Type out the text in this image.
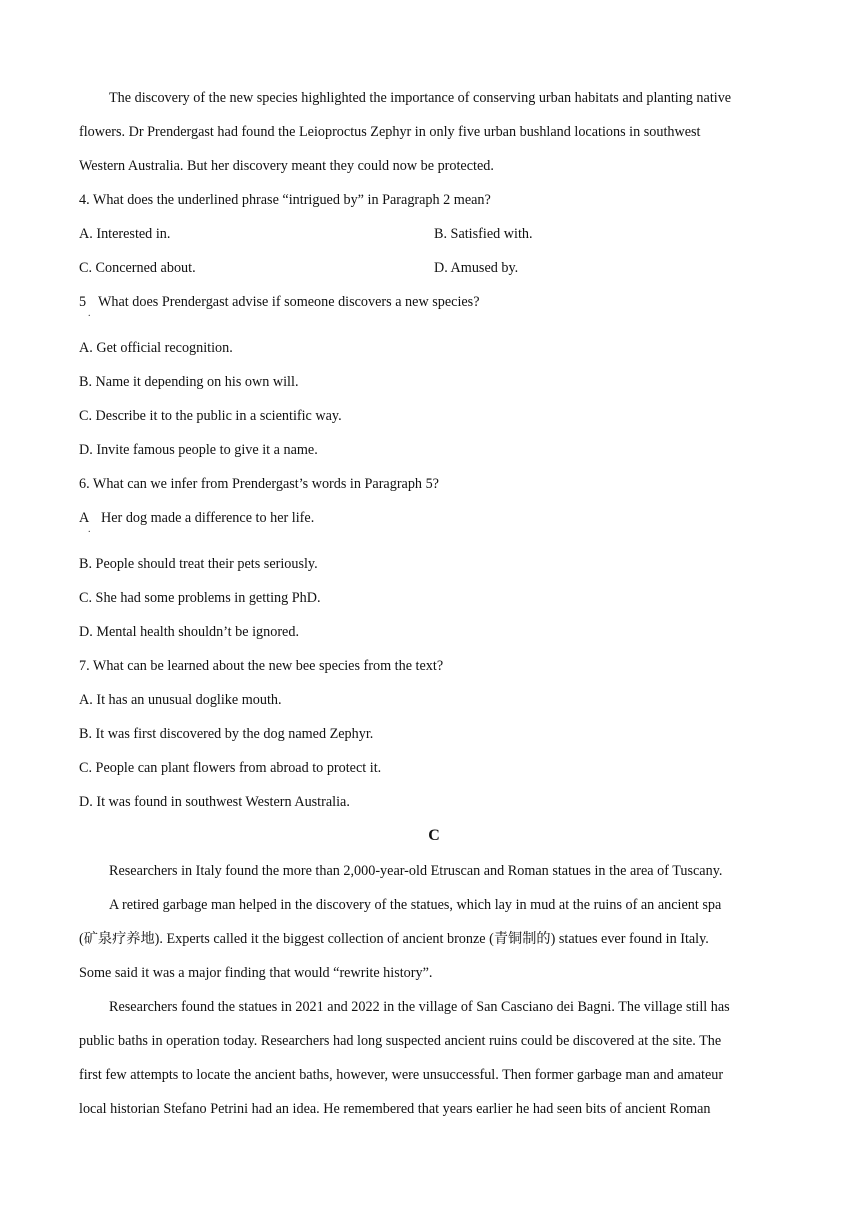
The discovery of the new species highlighted the importance of conserving urban habitats and planting native
flowers. Dr Prendergast had found the Leioproctus Zephyr in only five urban bushland locations in southwest
Western Australia. But her discovery meant they could now be protected.
4. What does the underlined phrase “intrigued by” in Paragraph 2 mean?
A. Interested in.	B. Satisfied with.
C. Concerned about.	D. Amused by.
5 What does Prendergast advise if someone discovers a new species?
.
A. Get official recognition.
B. Name it depending on his own will.
C. Describe it to the public in a scientific way.
D. Invite famous people to give it a name.
6. What can we infer from Prendergast’s words in Paragraph 5?
A Her dog made a difference to her life.
.
B. People should treat their pets seriously.
C. She had some problems in getting PhD.
D. Mental health shouldn’t be ignored.
7. What can be learned about the new bee species from the text?
A. It has an unusual doglike mouth.
B. It was first discovered by the dog named Zephyr.
C. People can plant flowers from abroad to protect it.
D. It was found in southwest Western Australia.
C
Researchers in Italy found the more than 2,000-year-old Etruscan and Roman statues in the area of Tuscany.
A retired garbage man helped in the discovery of the statues, which lay in mud at the ruins of an ancient spa
(矿泉疗养地). Experts called it the biggest collection of ancient bronze (青铜制的) statues ever found in Italy.
Some said it was a major finding that would “rewrite history”.
Researchers found the statues in 2021 and 2022 in the village of San Casciano dei Bagni. The village still has
public baths in operation today. Researchers had long suspected ancient ruins could be discovered at the site. The
first few attempts to locate the ancient baths, however, were unsuccessful. Then former garbage man and amateur
local historian Stefano Petrini had an idea. He remembered that years earlier he had seen bits of ancient Roman
